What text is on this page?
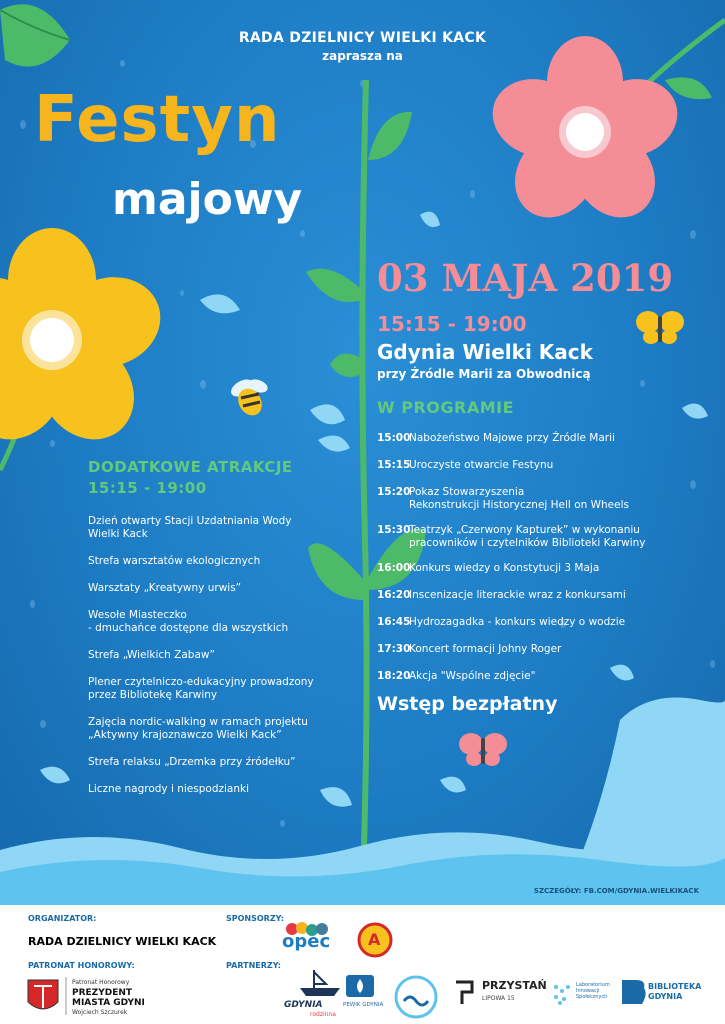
RADA DZIELNICY WIELKI KACK
zaprasza na
Festyn
majowy
03 MAJA 2019
15:15 - 19:00
Gdynia Wielki Kack
przy Źródle Marii za Obwodnicą
W PROGRAMIE
15:00
Nabożeństwo Majowe przy Źródle Marii
15:15
Uroczyste otwarcie Festynu
15:20
Pokaz Stowarzyszenia
Rekonstrukcji Historycznej Hell on Wheels
15:30
Teatrzyk „Czerwony Kapturek” w wykonaniu
pracowników i czytelników Biblioteki Karwiny
16:00
Konkurs wiedzy o Konstytucji 3 Maja
16:20
Inscenizacje literackie wraz z konkursami
16:45
Hydrozagadka - konkurs wiedzy o wodzie
17:30
Koncert formacji Johny Roger
18:20
Akcja "Wspólne zdjęcie"
Wstęp bezpłatny
DODATKOWE ATRAKCJE
15:15 - 19:00
Dzień otwarty Stacji Uzdatniania Wody
Wielki Kack
Strefa warsztatów ekologicznych
Warsztaty „Kreatywny urwis”
Wesołe Miasteczko
- dmuchańce dostępne dla wszystkich
Strefa „Wielkich Zabaw”
Plener czytelniczo-edukacyjny prowadzony
przez Bibliotekę Karwiny
Zajęcia nordic-walking w ramach projektu
„Aktywny krajoznawczo Wielki Kack”
Strefa relaksu „Drzemka przy źródełku”
Liczne nagrody i niespodzianki
SZCZEGÓŁY: FB.COM/GDYNIA.WIELKIKACK
ORGANIZATOR:
PATRONAT HONOROWY:
SPONSORZY:
PARTNERZY:
Patronat Honorowy
PREZYDENT
MIASTA GDYNI
Wojciech Szczurek
opec A
GDYNIA
rodzinna
PEWIK GDYNIA
PRZYSTAŃ
LIPOWA 15
Laboratorium
Innowacji
Społecznych
BIBLIOTEKA
GDYNIA
RADA DZIELNICY WIELKI KACK
